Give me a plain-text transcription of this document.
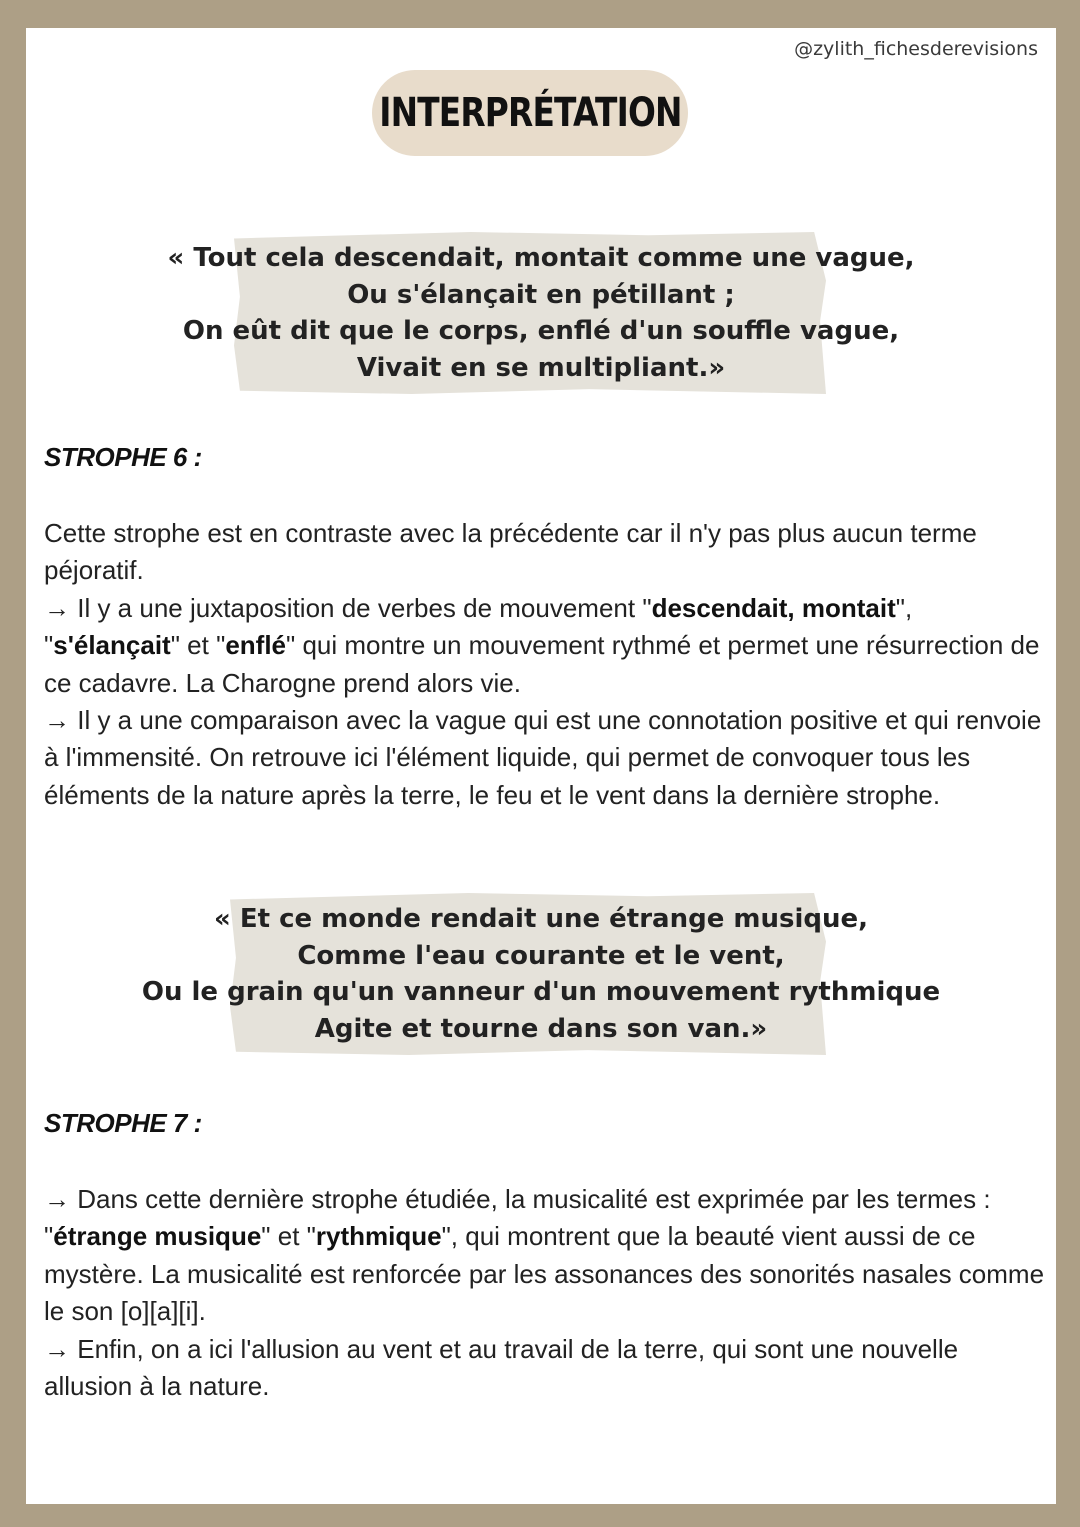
@zylith_fichesderevisions
INTERPRÉTATION
« Tout cela descendait, montait comme une vague,
Ou s'élançait en pétillant ;
On eût dit que le corps, enflé d'un souffle vague,
Vivait en se multipliant.»
STROPHE 6 :

Cette strophe est en contraste avec la précédente car il n'y pas plus aucun terme péjoratif.

→ Il y a une juxtaposition de verbes de mouvement "descendait, montait", "s'élançait" et "enflé" qui montre un mouvement rythmé et permet une résurrection de ce cadavre. La Charogne prend alors vie.

→ Il y a une comparaison avec la vague qui est une connotation positive et qui renvoie à l'immensité. On retrouve ici l'élément liquide, qui permet de convoquer tous les éléments de la nature après la terre, le feu et le vent dans la dernière strophe.

« Et ce monde rendait une étrange musique,
Comme l'eau courante et le vent,
Ou le grain qu'un vanneur d'un mouvement rythmique
Agite et tourne dans son van.»
STROPHE 7 :

→ Dans cette dernière strophe étudiée, la musicalité est exprimée par les termes : "étrange musique" et "rythmique", qui montrent que la beauté vient aussi de ce mystère. La musicalité est renforcée par les assonances des sonorités nasales comme le son [o][a][i].

→ Enfin, on a ici l'allusion au vent et au travail de la terre, qui sont une nouvelle allusion à la nature.
